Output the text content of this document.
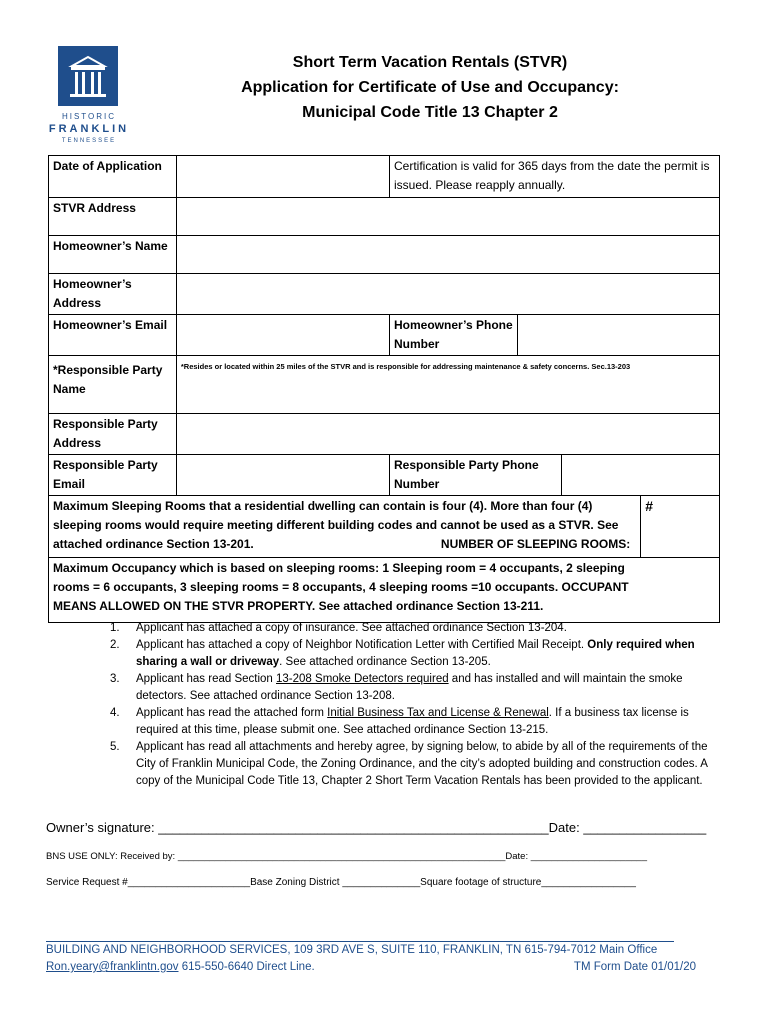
HISTORIC
FRANKLIN
TENNESSEE
Short Term Vacation Rentals (STVR)
Application for Certificate of Use and Occupancy:
Municipal Code Title 13 Chapter 2
Date of Application		Certification is valid for 365 days from the date the permit is issued. Please reapply annually.			
STVR Address					
Homeowner’s Name					
Homeowner’s Address					
Homeowner’s Email		Homeowner’s Phone Number			
*Responsible Party Name	*Resides or located within 25 miles of the STVR and is responsible for addressing maintenance & safety concerns. Sec.13-203				
Responsible Party Address					
Responsible Party Email		Responsible Party Phone Number			
Maximum Sleeping Rooms that a residential dwelling can contain is four (4). More than four (4) sleeping rooms would require meeting different building codes and cannot be used as a STVR. See attached ordinance Section 13-201. NUMBER OF SLEEPING ROOMS:					#

Maximum Occupancy which is based on sleeping rooms: 1 Sleeping room = 4 occupants, 2 sleeping
rooms = 6 occupants, 3 sleeping rooms = 8 occupants, 4 sleeping rooms =10 occupants. OCCUPANT
MEANS ALLOWED ON THE STVR PROPERTY. See attached ordinance Section 13-211.					
1. Applicant has attached a copy of insurance. See attached ordinance Section 13-204.
2. Applicant has attached a copy of Neighbor Notification Letter with Certified Mail Receipt. Only required when sharing a wall or driveway. See attached ordinance Section 13-205.
3. Applicant has read Section 13-208 Smoke Detectors required and has installed and will maintain the smoke detectors. See attached ordinance Section 13-208.
4. Applicant has read the attached form Initial Business Tax and License & Renewal. If a business tax license is required at this time, please submit one. See attached ordinance Section 13-215.
5. Applicant has read all attachments and hereby agree, by signing below, to abide by all of the requirements of the City of Franklin Municipal Code, the Zoning Ordinance, and the city’s adopted building and construction codes. A copy of the Municipal Code Title 13, Chapter 2 Short Term Vacation Rentals has been provided to the applicant.
Owner’s signature: ______________________________________________________Date: _________________
BNS USE ONLY: Received by: ______________________________________________________________Date: ______________________
Service Request #______________________Base Zoning District ______________Square footage of structure_________________
BUILDING AND NEIGHBORHOOD SERVICES, 109 3RD AVE S, SUITE 110, FRANKLIN, TN 615-794-7012 Main Office
Ron.yeary@franklintn.gov 615-550-6640 Direct Line.	TM Form Date 01/01/20
